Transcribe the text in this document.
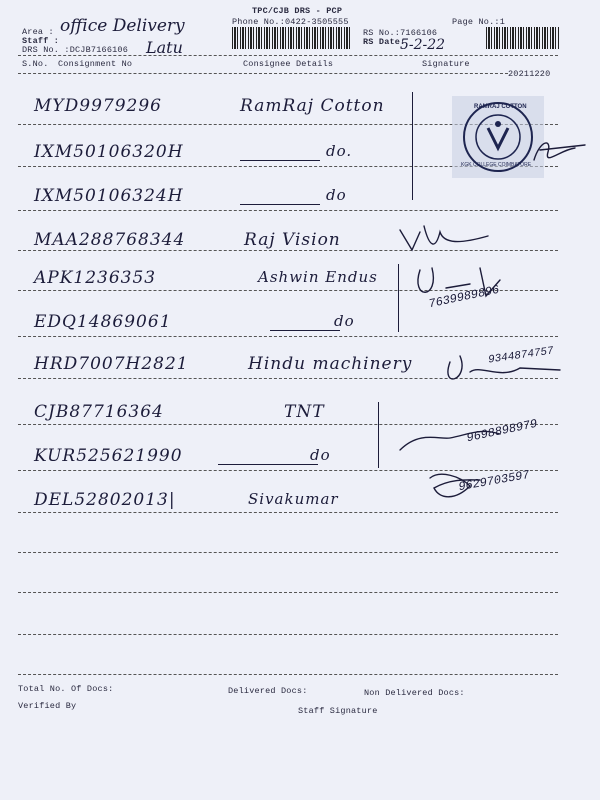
TPC/CJB DRS - PCP
Phone No.:0422-3505555	Page No.:1
Area : office Delivery
Staff :	Latu
DRS No. :DCJB7166106
RS No.:7166106
RS Date:
5-2-22
S.No. Consignment No	Consignee Details	Signature
20211220
MYD9979296	RamRaj Cotton
IXM50106320H	do.
IXM50106324H	do
MAA288768344	Raj Vision
APK1236353	Ashwin Endus
EDQ14869061	do
HRD7007H2821	Hindu machinery
CJB87716364	TNT
KUR525621990	do
DEL52802013|	Sivakumar
RAMRAJ COTTON
KGK COLLEGE COIMBATORE
7639989896
9344874757
9698898979
9629703597
Total No. Of Docs:	Delivered Docs:	Non Delivered Docs:
Verified By	Staff Signature
